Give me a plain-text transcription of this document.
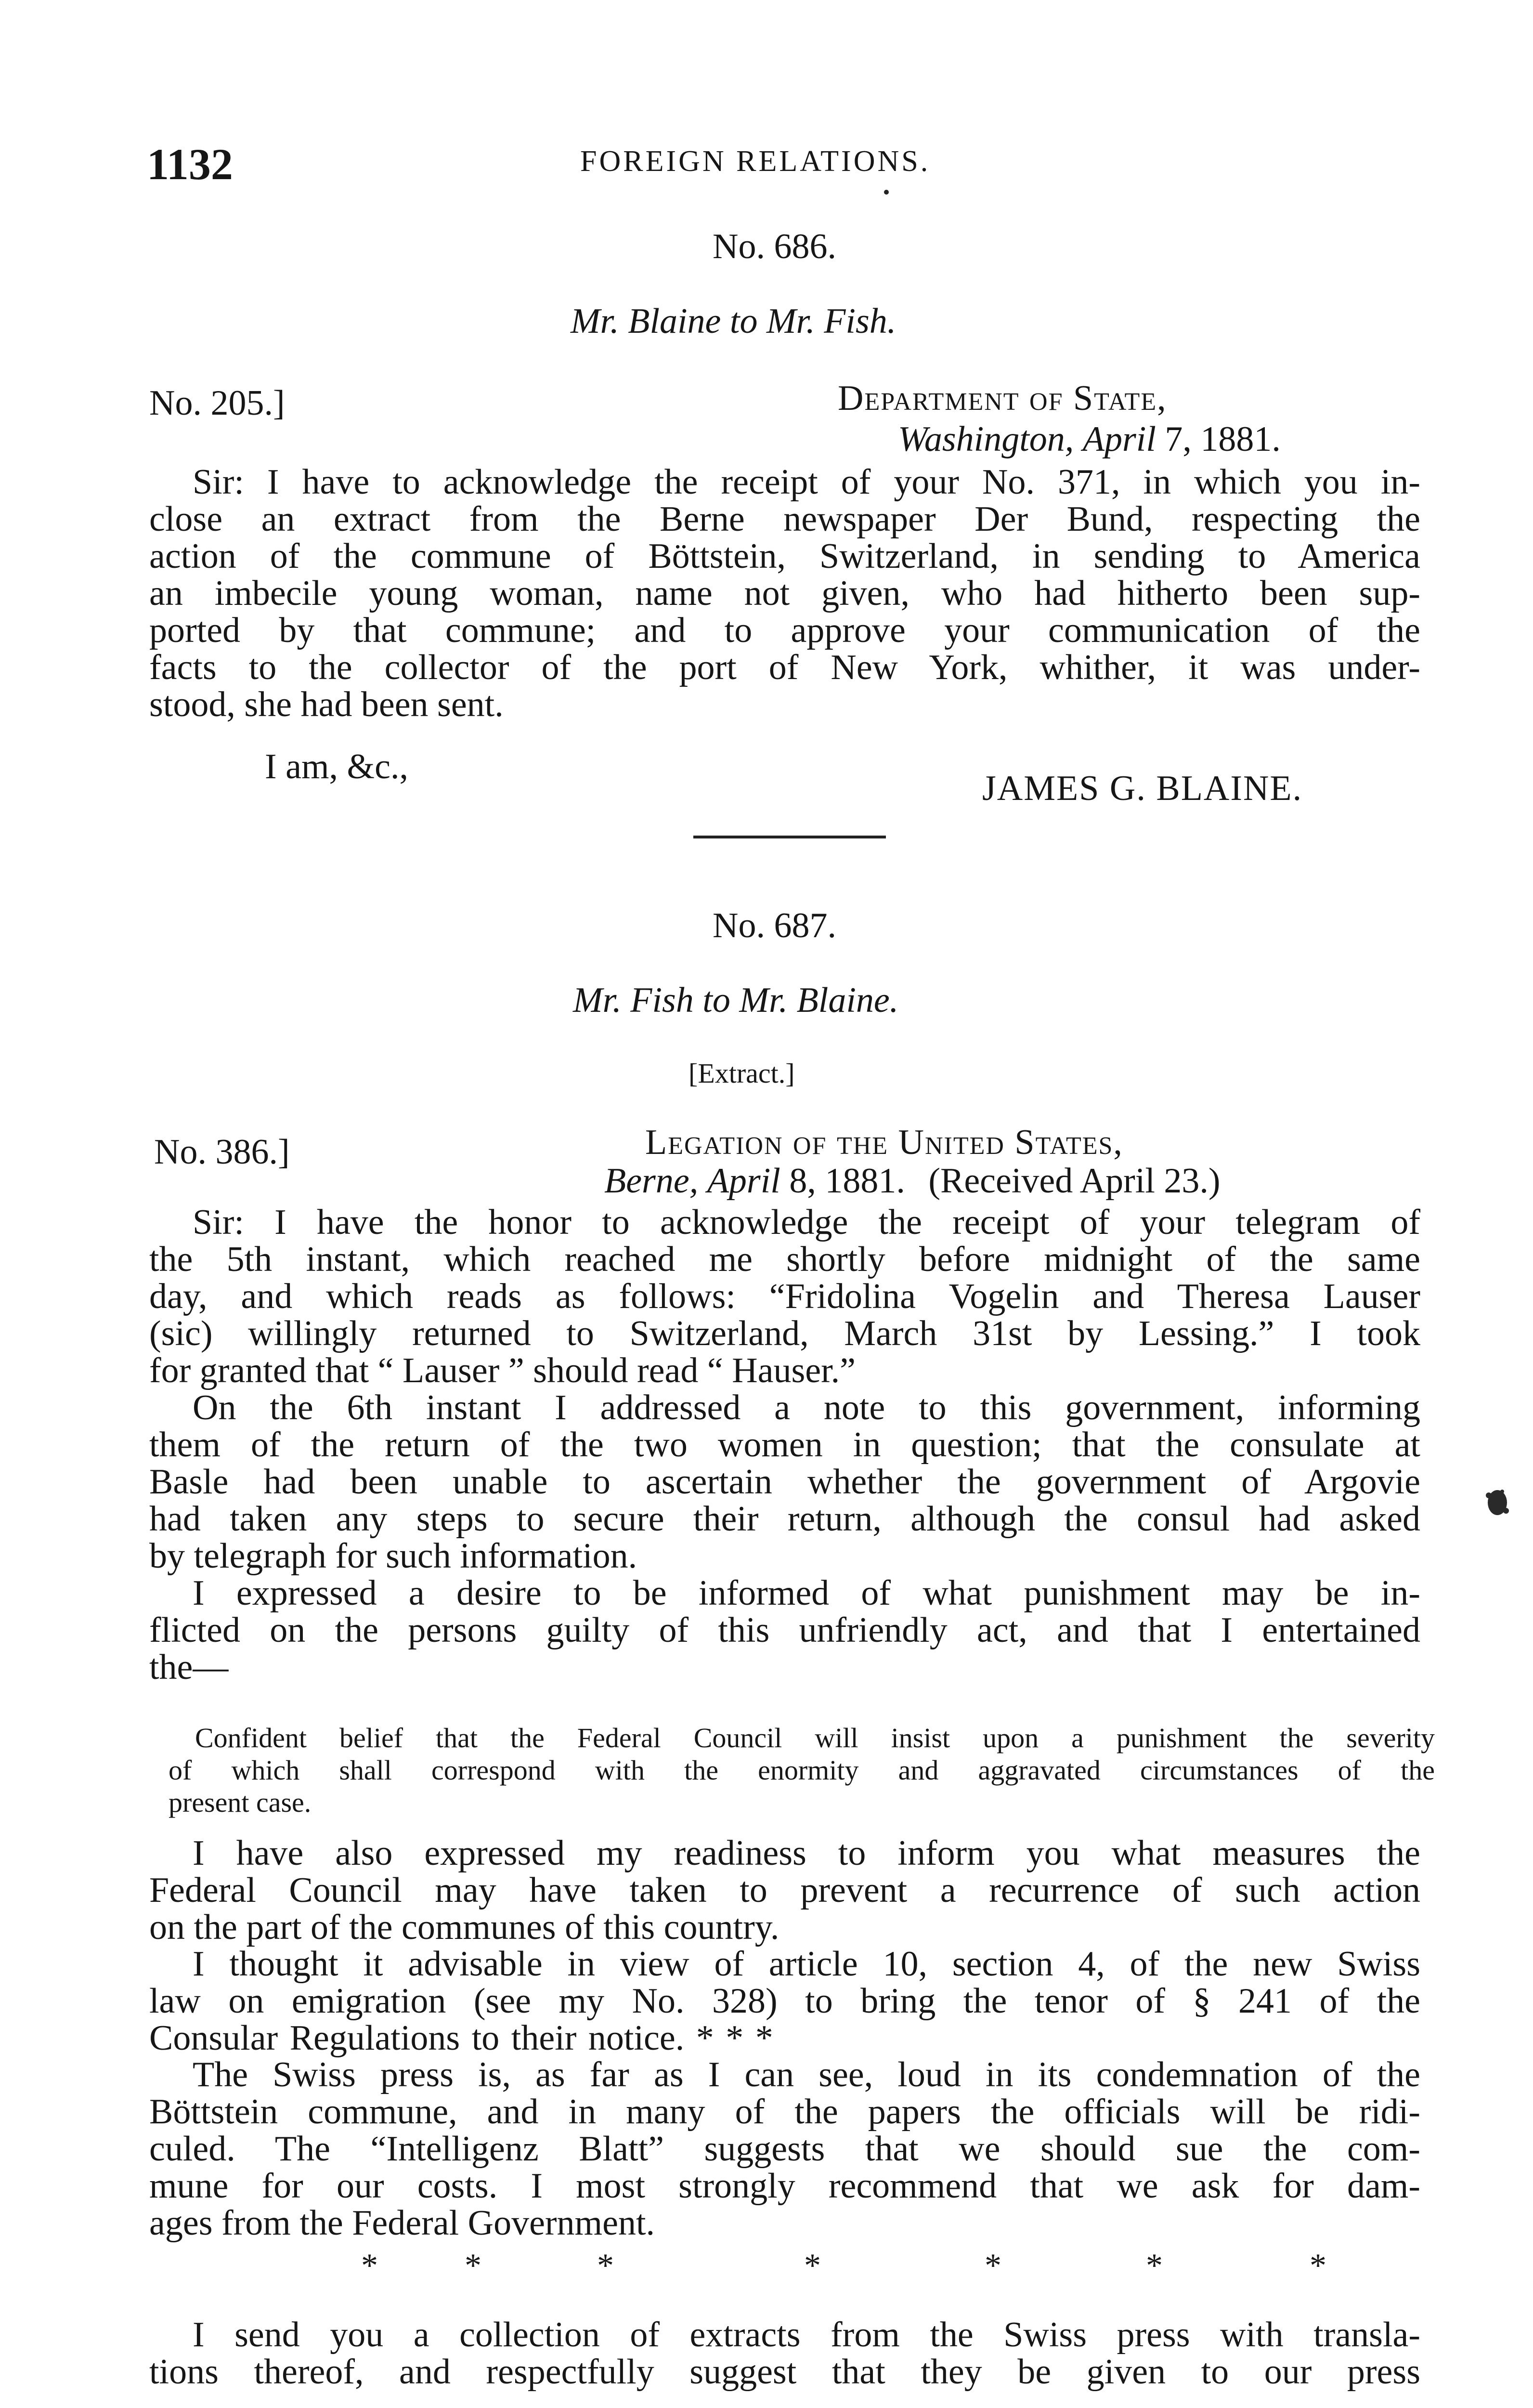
1132	FOREIGN RELATIONS.
No. 686.
Mr. Blaine to Mr. Fish.
No. 205.]	Department of State,
Washington, April 7, 1881.
Sir: I have to acknowledge the receipt of your No. 371, in which you in-
close an extract from the Berne newspaper Der Bund, respecting the
action of the commune of Böttstein, Switzerland, in sending to America
an imbecile young woman, name not given, who had hitherto been sup-
ported by that commune; and to approve your communication of the
facts to the collector of the port of New York, whither, it was under-
stood, she had been sent.
I am, &c.,
JAMES G. BLAINE.
No. 687.
Mr. Fish to Mr. Blaine.
[Extract.]
No. 386.]	Legation of the United States,
Berne, April 8, 1881. (Received April 23.)
Sir: I have the honor to acknowledge the receipt of your telegram of
the 5th instant, which reached me shortly before midnight of the same
day, and which reads as follows: “Fridolina Vogelin and Theresa Lauser
(sic) willingly returned to Switzerland, March 31st by Lessing.” I took
for granted that “ Lauser ” should read “ Hauser.”
On the 6th instant I addressed a note to this government, informing
them of the return of the two women in question; that the consulate at
Basle had been unable to ascertain whether the government of Argovie
had taken any steps to secure their return, although the consul had asked
by telegraph for such information.
I expressed a desire to be informed of what punishment may be in-
flicted on the persons guilty of this unfriendly act, and that I entertained
the—
Confident belief that the Federal Council will insist upon a punishment the severity
of which shall correspond with the enormity and aggravated circumstances of the
present case.
I have also expressed my readiness to inform you what measures the
Federal Council may have taken to prevent a recurrence of such action
on the part of the communes of this country.
I thought it advisable in view of article 10, section 4, of the new Swiss
law on emigration (see my No. 328) to bring the tenor of § 241 of the
Consular Regulations to their notice. * * *
The Swiss press is, as far as I can see, loud in its condemnation of the
Böttstein commune, and in many of the papers the officials will be ridi-
culed. The “Intelligenz Blatt” suggests that we should sue the com-
mune for our costs. I most strongly recommend that we ask for dam-
ages from the Federal Government.
*	*	*	*	*	*	*
I send you a collection of extracts from the Swiss press with transla-
tions thereof, and respectfully suggest that they be given to our press
